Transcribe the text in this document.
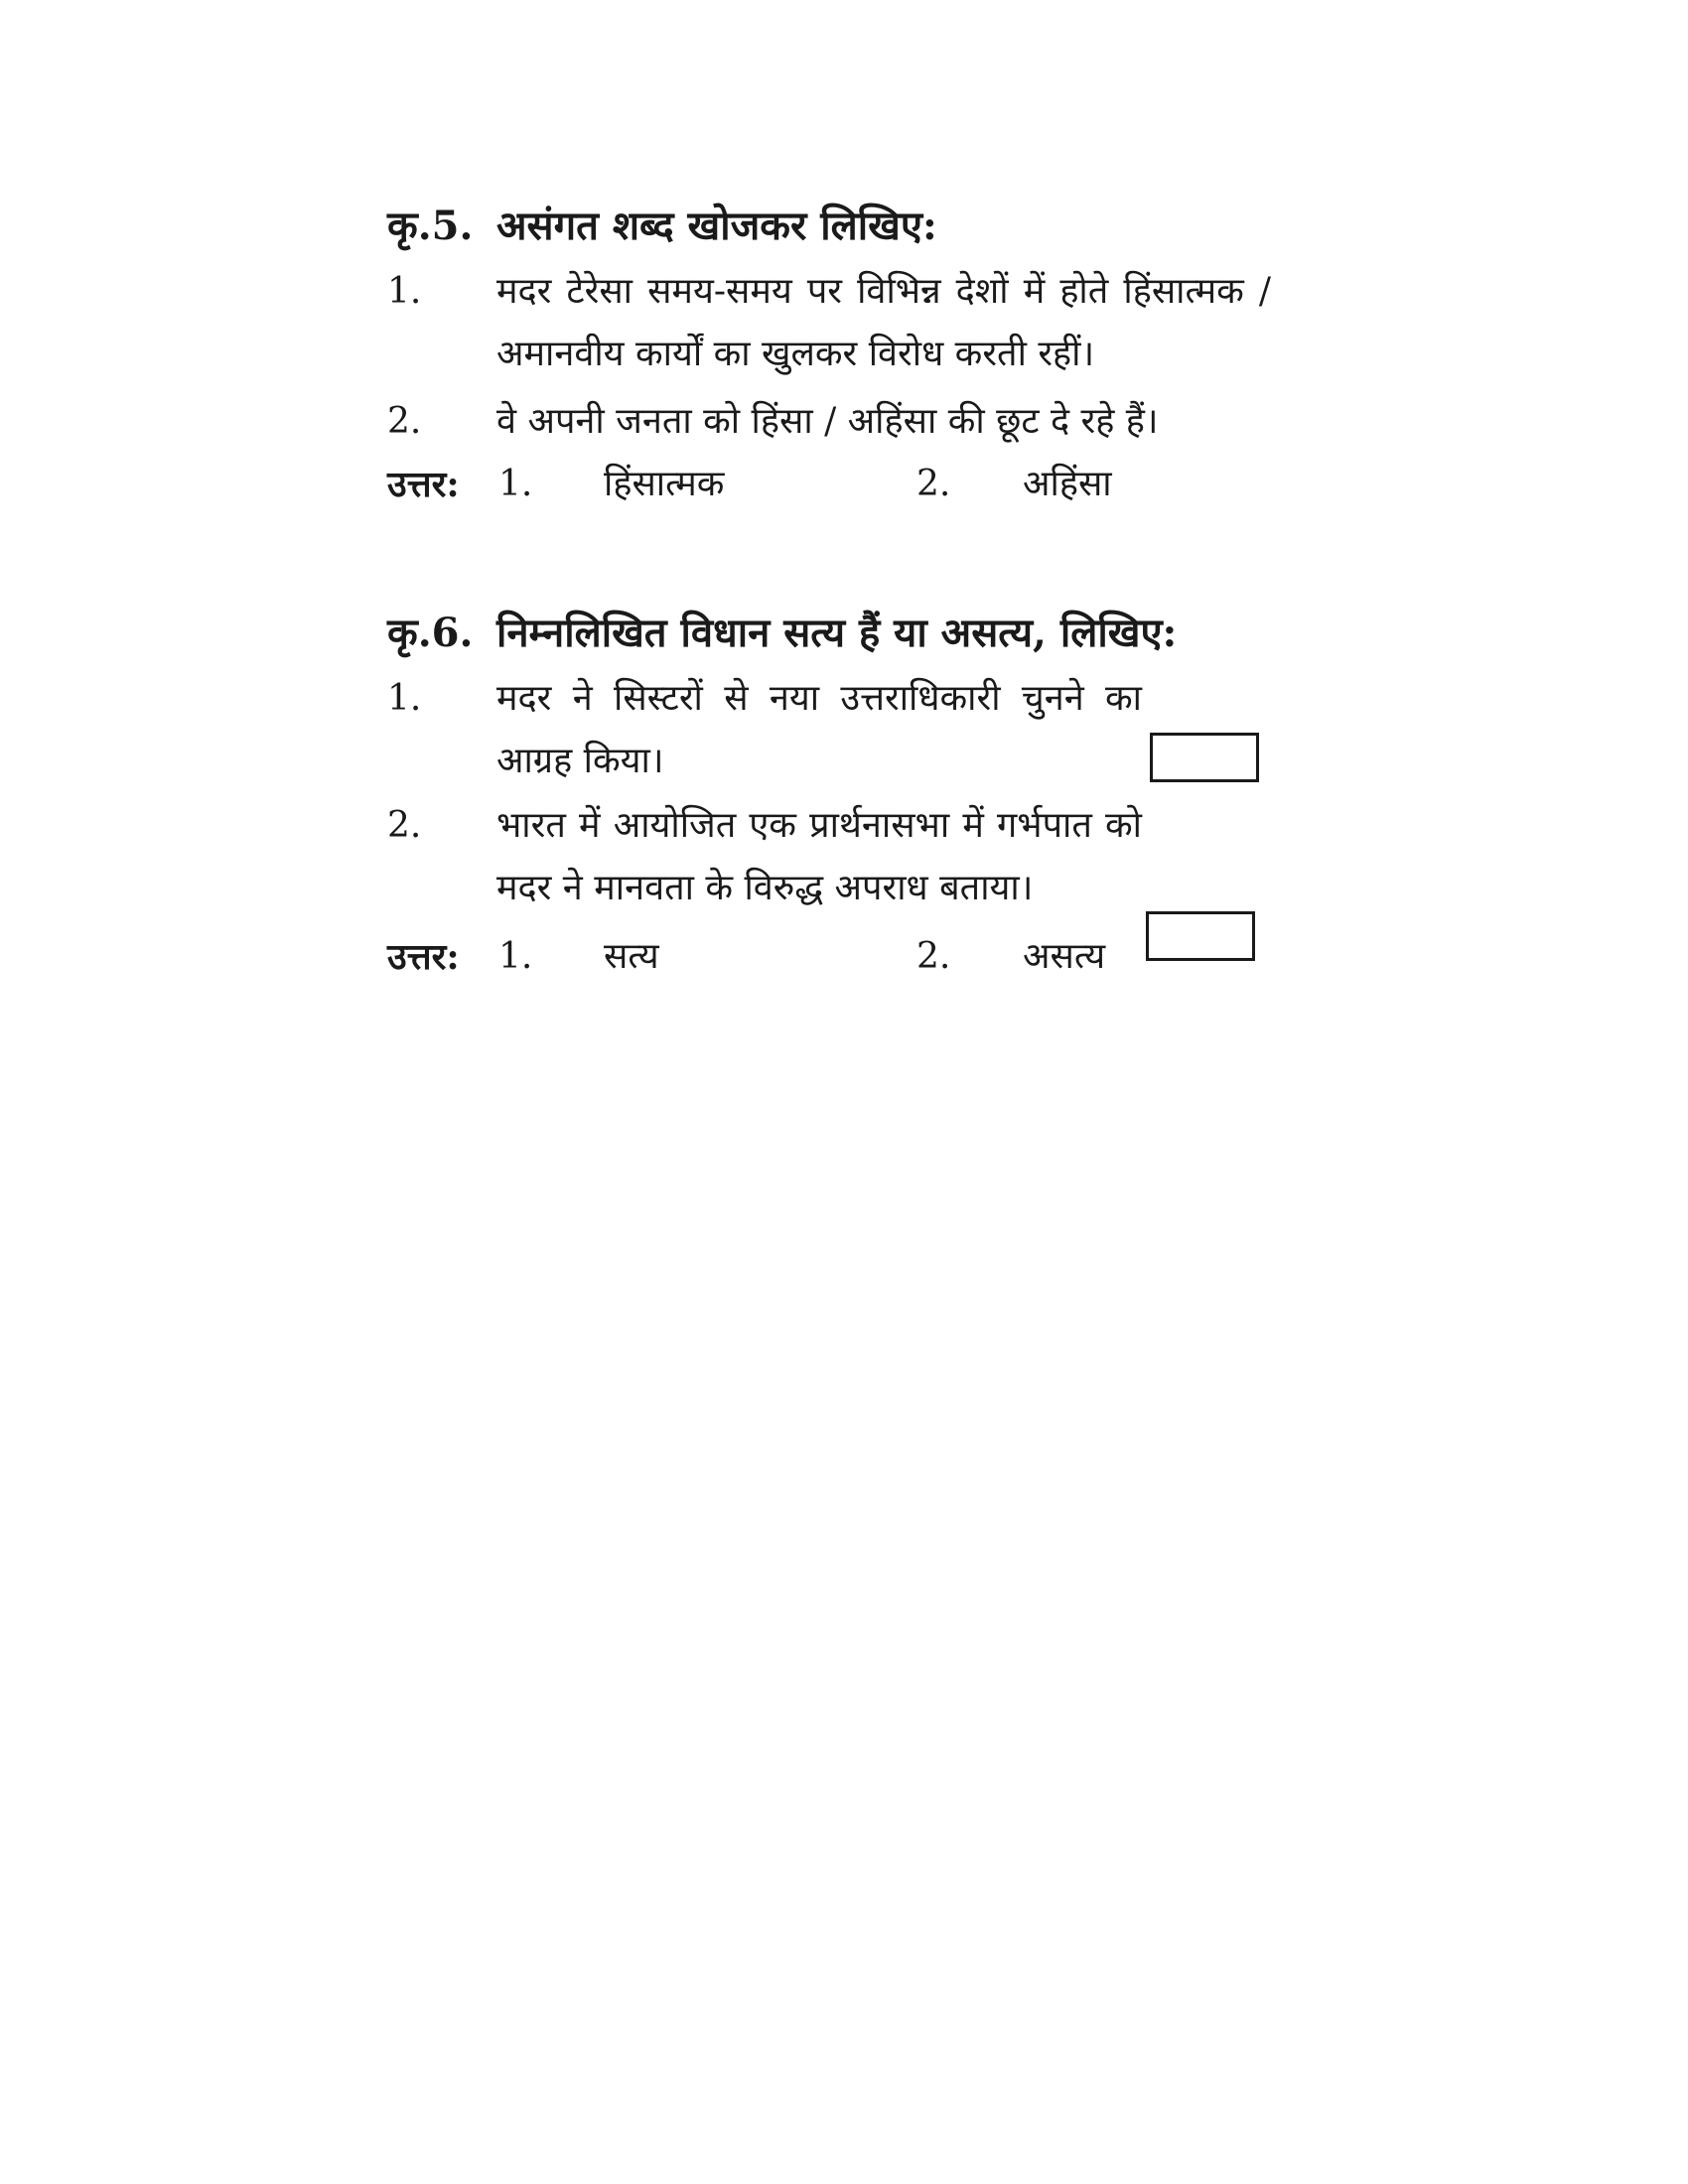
कृ.5. असंगत शब्द खोजकर लिखिए:
1.	मदर टेरेसा समय-समय पर विभिन्न देशों में होते हिंसात्मक / अमानवीय कार्यों का खुलकर विरोध करती रहीं।
2.	वे अपनी जनता को हिंसा / अहिंसा की छूट दे रहे हैं।
उत्तर: 1. हिंसात्मक	2. अहिंसा
कृ.6. निम्नलिखित विधान सत्य हैं या असत्य, लिखिए:
1.	मदर ने सिस्टरों से नया उत्तराधिकारी चुनने का आग्रह किया।
2.	भारत में आयोजित एक प्रार्थनासभा में गर्भपात को मदर ने मानवता के विरुद्ध अपराध बताया।
उत्तर: 1. सत्य	2. असत्य
